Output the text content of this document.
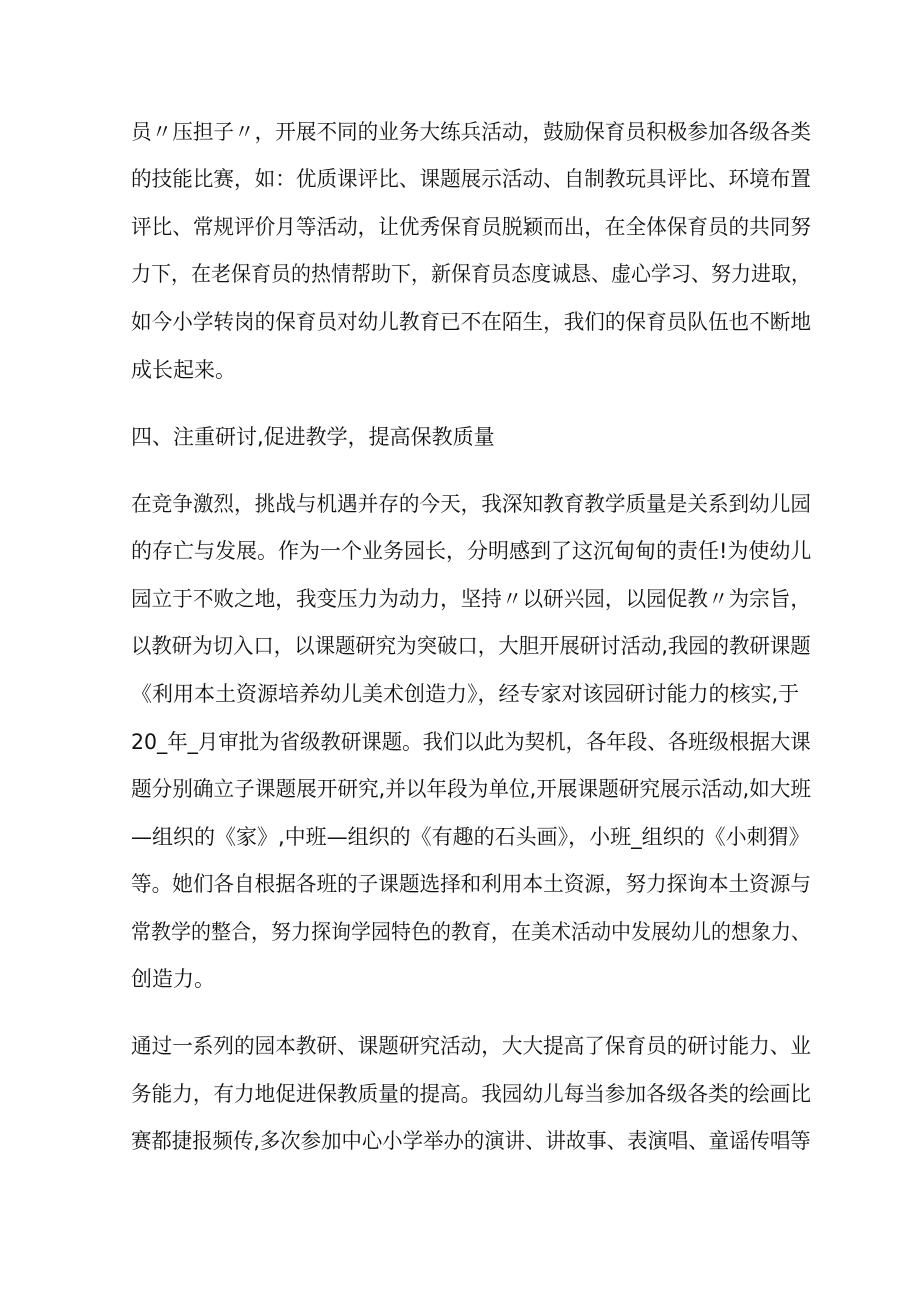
员〃压担子〃，开展不同的业务大练兵活动，鼓励保育员积极参加各级各类
的技能比赛，如：优质课评比、课题展示活动、自制教玩具评比、环境布置
评比、常规评价月等活动，让优秀保育员脱颖而出，在全体保育员的共同努
力下，在老保育员的热情帮助下，新保育员态度诚恳、虚心学习、努力进取，
如今小学转岗的保育员对幼儿教育已不在陌生，我们的保育员队伍也不断地
成长起来。
四、注重研讨,促进教学，提高保教质量
在竞争激烈，挑战与机遇并存的今天，我深知教育教学质量是关系到幼儿园
的存亡与发展。作为一个业务园长，分明感到了这沉甸甸的责任!为使幼儿
园立于不败之地，我变压力为动力，坚持〃以研兴园，以园促教〃为宗旨，
以教研为切入口，以课题研究为突破口，大胆开展研讨活动,我园的教研课题
《利用本土资源培养幼儿美术创造力》，经专家对该园研讨能力的核实,于
20_年_月审批为省级教研课题。我们以此为契机，各年段、各班级根据大课
题分别确立子课题展开研究,并以年段为单位,开展课题研究展示活动,如大班
—组织的《家》,中班—组织的《有趣的石头画》，小班_组织的《小刺猬》
等。她们各自根据各班的子课题选择和利用本土资源，努力探询本土资源与
常教学的整合，努力探询学园特色的教育，在美术活动中发展幼儿的想象力、
创造力。
通过一系列的园本教研、课题研究活动，大大提高了保育员的研讨能力、业
务能力，有力地促进保教质量的提高。我园幼儿每当参加各级各类的绘画比
赛都捷报频传,多次参加中心小学举办的演讲、讲故事、表演唱、童谣传唱等
